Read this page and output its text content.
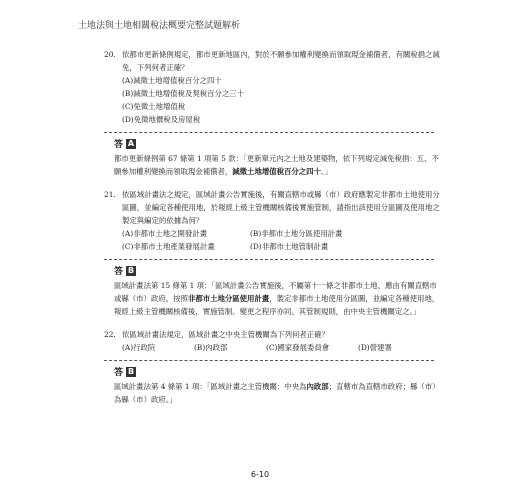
土地法與土地相關稅法概要完整試題解析
20. 依都市更新條例規定，都市更新地區內，對於不願參加權利變換而領取現金補償者，有關稅捐之減免，下列何者正確？
(A)減徵土地增值稅百分之四十
(B)減徵土地增值稅及契稅百分之三十
(C)免徵土地增值稅
(D)免徵地價稅及房屋稅
答 A
都市更新條例第 67 條第 1 項第 5 款：「更新單元內之土地及建築物，依下列規定減免稅捐：五、不願參加權利變換而領取現金補償者，減徵土地增值稅百分之四十。」
21. 依區域計畫法之規定，區域計畫公告實施後，有關直轄市或縣（市）政府應製定非都市土地使用分區圖，並編定各種使用地，於報經上級主管機關核備後實施管制，請指出該使用分區圖及使用地之製定與編定的依據為何？
(A)非都市土地之開發計畫	(B)非都市土地分區使用計畫
(C)非都市土地產業發展計畫	(D)非都市土地管制計畫
答 B
區域計畫法第 15 條第 1 項：「區域計畫公告實施後，不屬第十一條之非都市土地，應由有關直轄市或縣（市）政府，按照非都市土地分區使用計畫，製定非都市土地使用分區圖，並編定各種使用地，報經上級主管機關核備後，實施管制。變更之程序亦同。其管制規則，由中央主管機關定之。」
22. 依區域計畫法規定，區域計畫之中央主管機關為下列何者正確？
(A)行政院	(B)內政部	(C)國家發展委員會	(D)營建署
答 B
區域計畫法第 4 條第 1 項：「區域計畫之主管機關：中央為內政部；直轄市為直轄市政府；縣（市）為縣（市）政府。」
6-10
